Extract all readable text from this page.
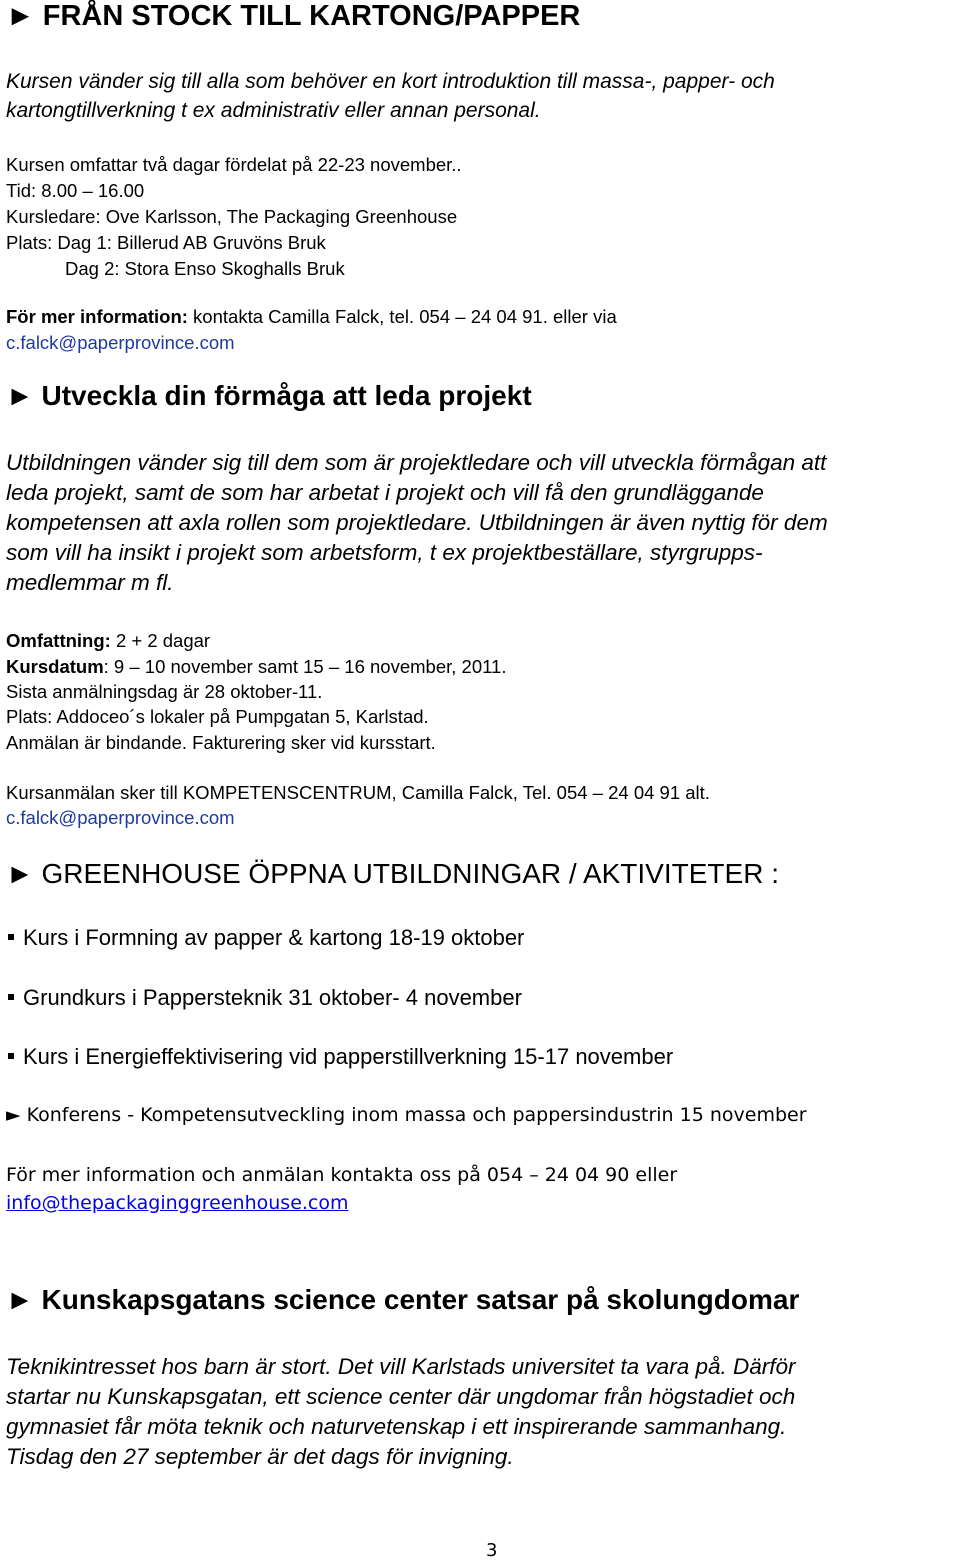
► FRÅN STOCK TILL KARTONG/PAPPER
Kursen vänder sig till alla som behöver en kort introduktion till massa-, papper- och
kartongtillverkning t ex administrativ eller annan personal.
Kursen omfattar två dagar fördelat på 22-23 november..
Tid: 8.00 – 16.00
Kursledare: Ove Karlsson, The Packaging Greenhouse
Plats: Dag 1: Billerud AB Gruvöns Bruk
Dag 2: Stora Enso Skoghalls Bruk
För mer information: kontakta Camilla Falck, tel. 054 – 24 04 91. eller via
c.falck@paperprovince.com
► Utveckla din förmåga att leda projekt
Utbildningen vänder sig till dem som är projektledare och vill utveckla förmågan att
leda projekt, samt de som har arbetat i projekt och vill få den grundläggande
kompetensen att axla rollen som projektledare. Utbildningen är även nyttig för dem
som vill ha insikt i projekt som arbetsform, t ex projektbeställare, styrgrupps-
medlemmar m fl.
Omfattning: 2 + 2 dagar
Kursdatum: 9 – 10 november samt 15 – 16 november, 2011.
Sista anmälningsdag är 28 oktober-11.
Plats: Addoceo´s lokaler på Pumpgatan 5, Karlstad.
Anmälan är bindande. Fakturering sker vid kursstart.
Kursanmälan sker till KOMPETENSCENTRUM, Camilla Falck, Tel. 054 – 24 04 91 alt.
c.falck@paperprovince.com
► GREENHOUSE ÖPPNA UTBILDNINGAR / AKTIVITETER :
Kurs i Formning av papper & kartong 18-19 oktober
Grundkurs i Pappersteknik 31 oktober- 4 november
Kurs i Energieffektivisering vid papperstillverkning 15-17 november
► Konferens - Kompetensutveckling inom massa och pappersindustrin 15 november
För mer information och anmälan kontakta oss på 054 – 24 04 90 eller
info@thepackaginggreenhouse.com
► Kunskapsgatans science center satsar på skolungdomar
Teknikintresset hos barn är stort. Det vill Karlstads universitet ta vara på. Därför
startar nu Kunskapsgatan, ett science center där ungdomar från högstadiet och
gymnasiet får möta teknik och naturvetenskap i ett inspirerande sammanhang.
Tisdag den 27 september är det dags för invigning.
3
